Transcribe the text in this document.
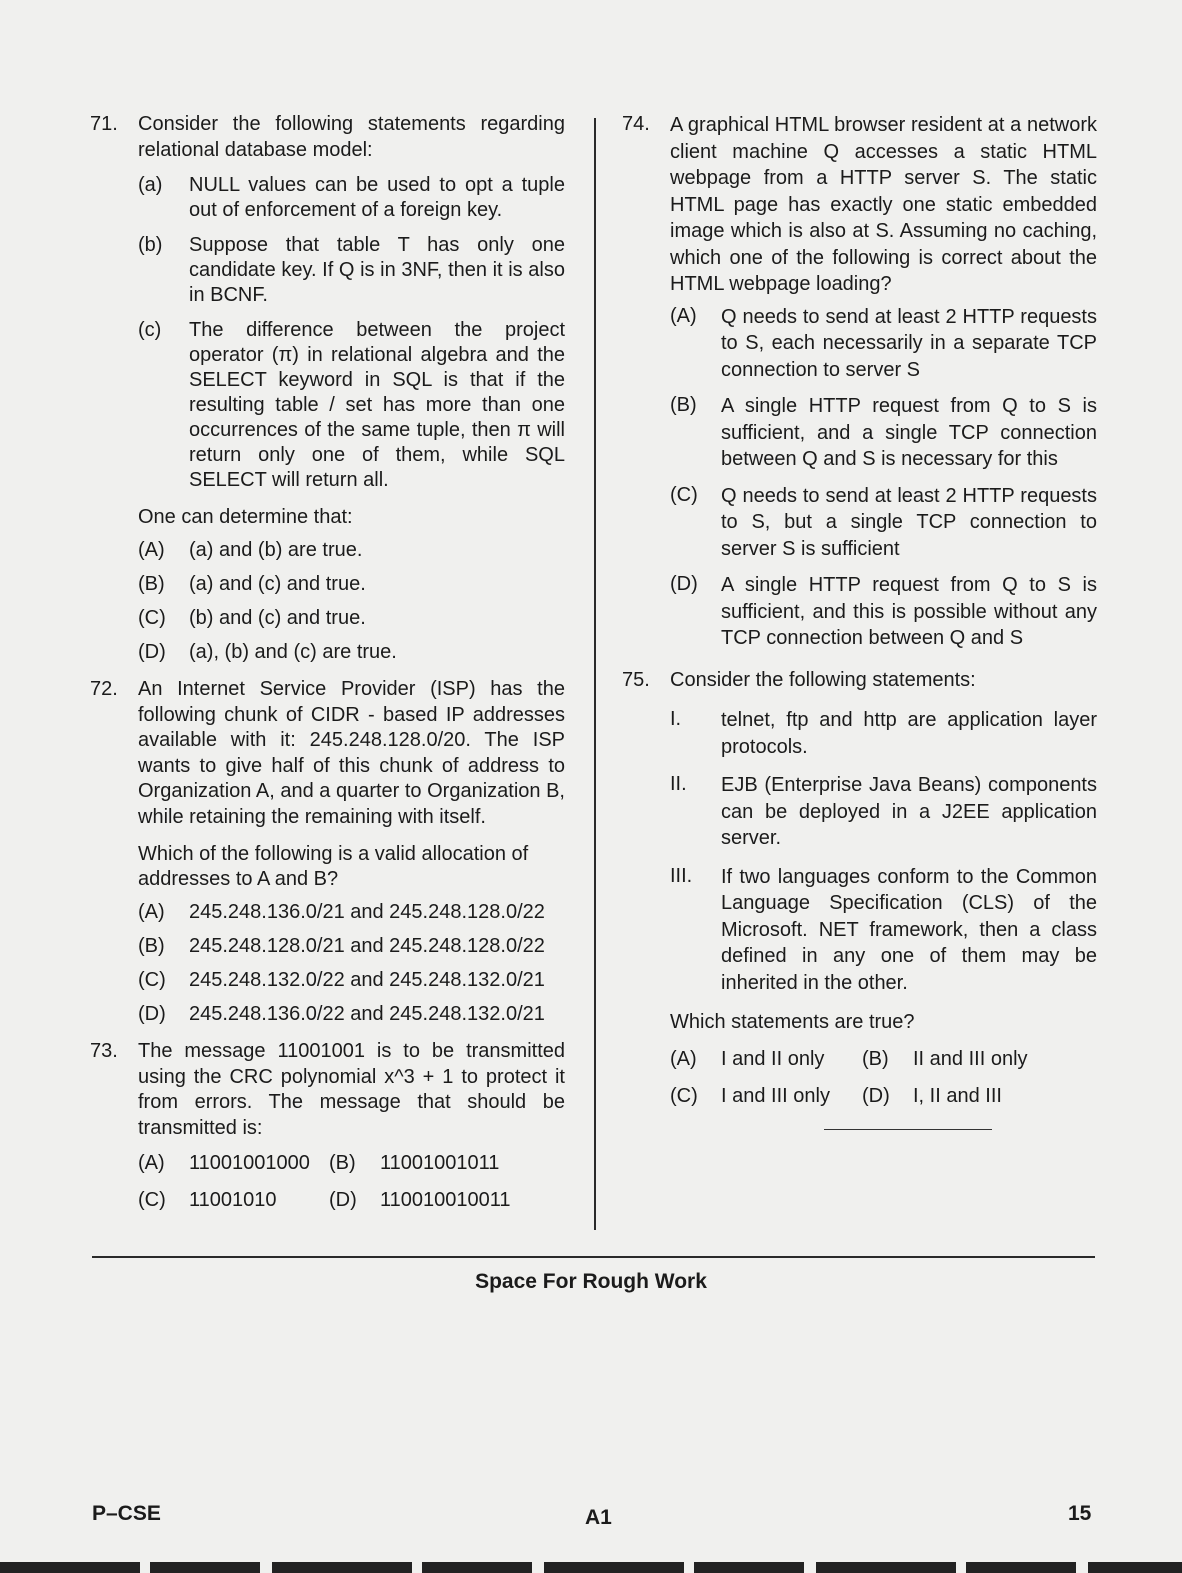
71. Consider the following statements regarding relational database model:

(a) NULL values can be used to opt a tuple out of enforcement of a foreign key.
(b) Suppose that table T has only one candidate key. If Q is in 3NF, then it is also in BCNF.
(c) The difference between the project operator (π) in relational algebra and the SELECT keyword in SQL is that if the resulting table / set has more than one occurrences of the same tuple, then π will return only one of them, while SQL SELECT will return all.
One can determine that:
(A) (a) and (b) are true.
(B) (a) and (c) and true.
(C) (b) and (c) and true.
(D) (a), (b) and (c) are true.
72. An Internet Service Provider (ISP) has the following chunk of CIDR - based IP addresses available with it: 245.248.128.0/20. The ISP wants to give half of this chunk of address to Organization A, and a quarter to Organization B, while retaining the remaining with itself.

Which of the following is a valid allocation of addresses to A and B?
(A) 245.248.136.0/21 and 245.248.128.0/22
(B) 245.248.128.0/21 and 245.248.128.0/22
(C) 245.248.132.0/22 and 245.248.132.0/21
(D) 245.248.136.0/22 and 245.248.132.0/21
73. The message 11001001 is to be transmitted using the CRC polynomial x^3 + 1 to protect it from errors. The message that should be transmitted is:

(A) 11001001000 (B) 11001001011
(C) 11001010	(D) 110010010011
74. A graphical HTML browser resident at a network client machine Q accesses a static HTML webpage from a HTTP server S. The static HTML page has exactly one static embedded image which is also at S. Assuming no caching, which one of the following is correct about the HTML webpage loading?

(A) Q needs to send at least 2 HTTP requests to S, each necessarily in a separate TCP connection to server S
(B) A single HTTP request from Q to S is sufficient, and a single TCP connection between Q and S is necessary for this
(C) Q needs to send at least 2 HTTP requests to S, but a single TCP connection to server S is sufficient
(D) A single HTTP request from Q to S is sufficient, and this is possible without any TCP connection between Q and S
75. Consider the following statements:

I. telnet, ftp and http are application layer protocols.
II. EJB (Enterprise Java Beans) components can be deployed in a J2EE application server.
III. If two languages conform to the Common Language Specification (CLS) of the Microsoft. NET framework, then a class defined in any one of them may be inherited in the other.
Which statements are true?
(A) I and II only	(B) II and III only
(C) I and III only	(D) I, II and III
Space For Rough Work
P–CSE	A1	15
